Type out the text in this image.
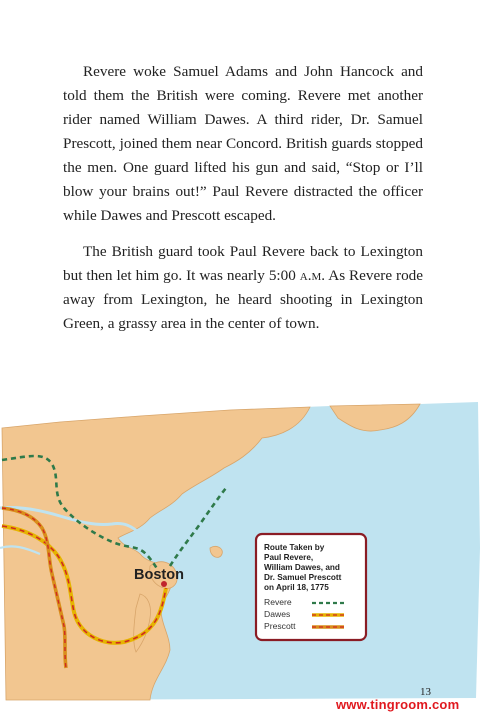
Revere woke Samuel Adams and John Hancock and told them the British were coming. Revere met another rider named William Dawes. A third rider, Dr. Samuel Prescott, joined them near Concord. British guards stopped the men. One guard lifted his gun and said, “Stop or I’ll blow your brains out!” Paul Revere distracted the officer while Dawes and Prescott escaped.

The British guard took Paul Revere back to Lexington but then let him go. It was nearly 5:00 a.m. As Revere rode away from Lexington, he heard shooting in Lexington Green, a grassy area in the center of town.

Boston
Route Taken by
Paul Revere,
William Dawes, and
Dr. Samuel Prescott
on April 18, 1775
Revere
Dawes
Prescott
13
www.tingroom.com
